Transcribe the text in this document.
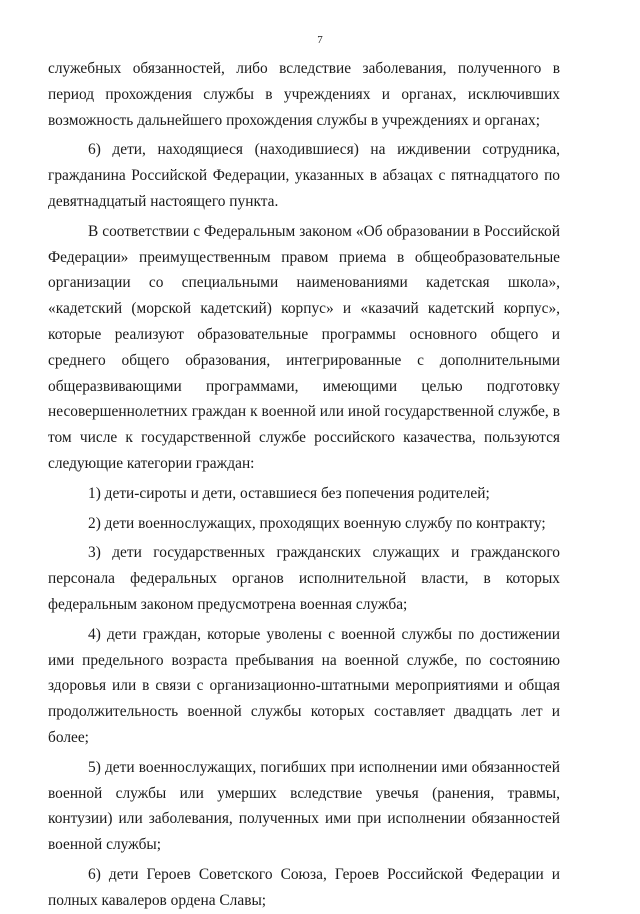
7

служебных обязанностей, либо вследствие заболевания, полученного в период прохождения службы в учреждениях и органах, исключивших возможность дальнейшего прохождения службы в учреждениях и органах;

6) дети, находящиеся (находившиеся) на иждивении сотрудника, гражданина Российской Федерации, указанных в абзацах с пятнадцатого по девятнадцатый настоящего пункта.

В соответствии с Федеральным законом «Об образовании в Российской Федерации» преимущественным правом приема в общеобразовательные организации со специальными наименованиями кадетская школа», «кадетский (морской кадетский) корпус» и «казачий кадетский корпус», которые реализуют образовательные программы основного общего и среднего общего образования, интегрированные с дополнительными общеразвивающими программами, имеющими целью подготовку несовершеннолетних граждан к военной или иной государственной службе, в том числе к государственной службе российского казачества, пользуются следующие категории граждан:

1) дети-сироты и дети, оставшиеся без попечения родителей;

2) дети военнослужащих, проходящих военную службу по контракту;

3) дети государственных гражданских служащих и гражданского персонала федеральных органов исполнительной власти, в которых федеральным законом предусмотрена военная служба;

4) дети граждан, которые уволены с военной службы по достижении ими предельного возраста пребывания на военной службе, по состоянию здоровья или в связи с организационно-штатными мероприятиями и общая продолжительность военной службы которых составляет двадцать лет и более;

5) дети военнослужащих, погибших при исполнении ими обязанностей военной службы или умерших вследствие увечья (ранения, травмы, контузии) или заболевания, полученных ими при исполнении обязанностей военной службы;

6) дети Героев Советского Союза, Героев Российской Федерации и полных кавалеров ордена Славы;
